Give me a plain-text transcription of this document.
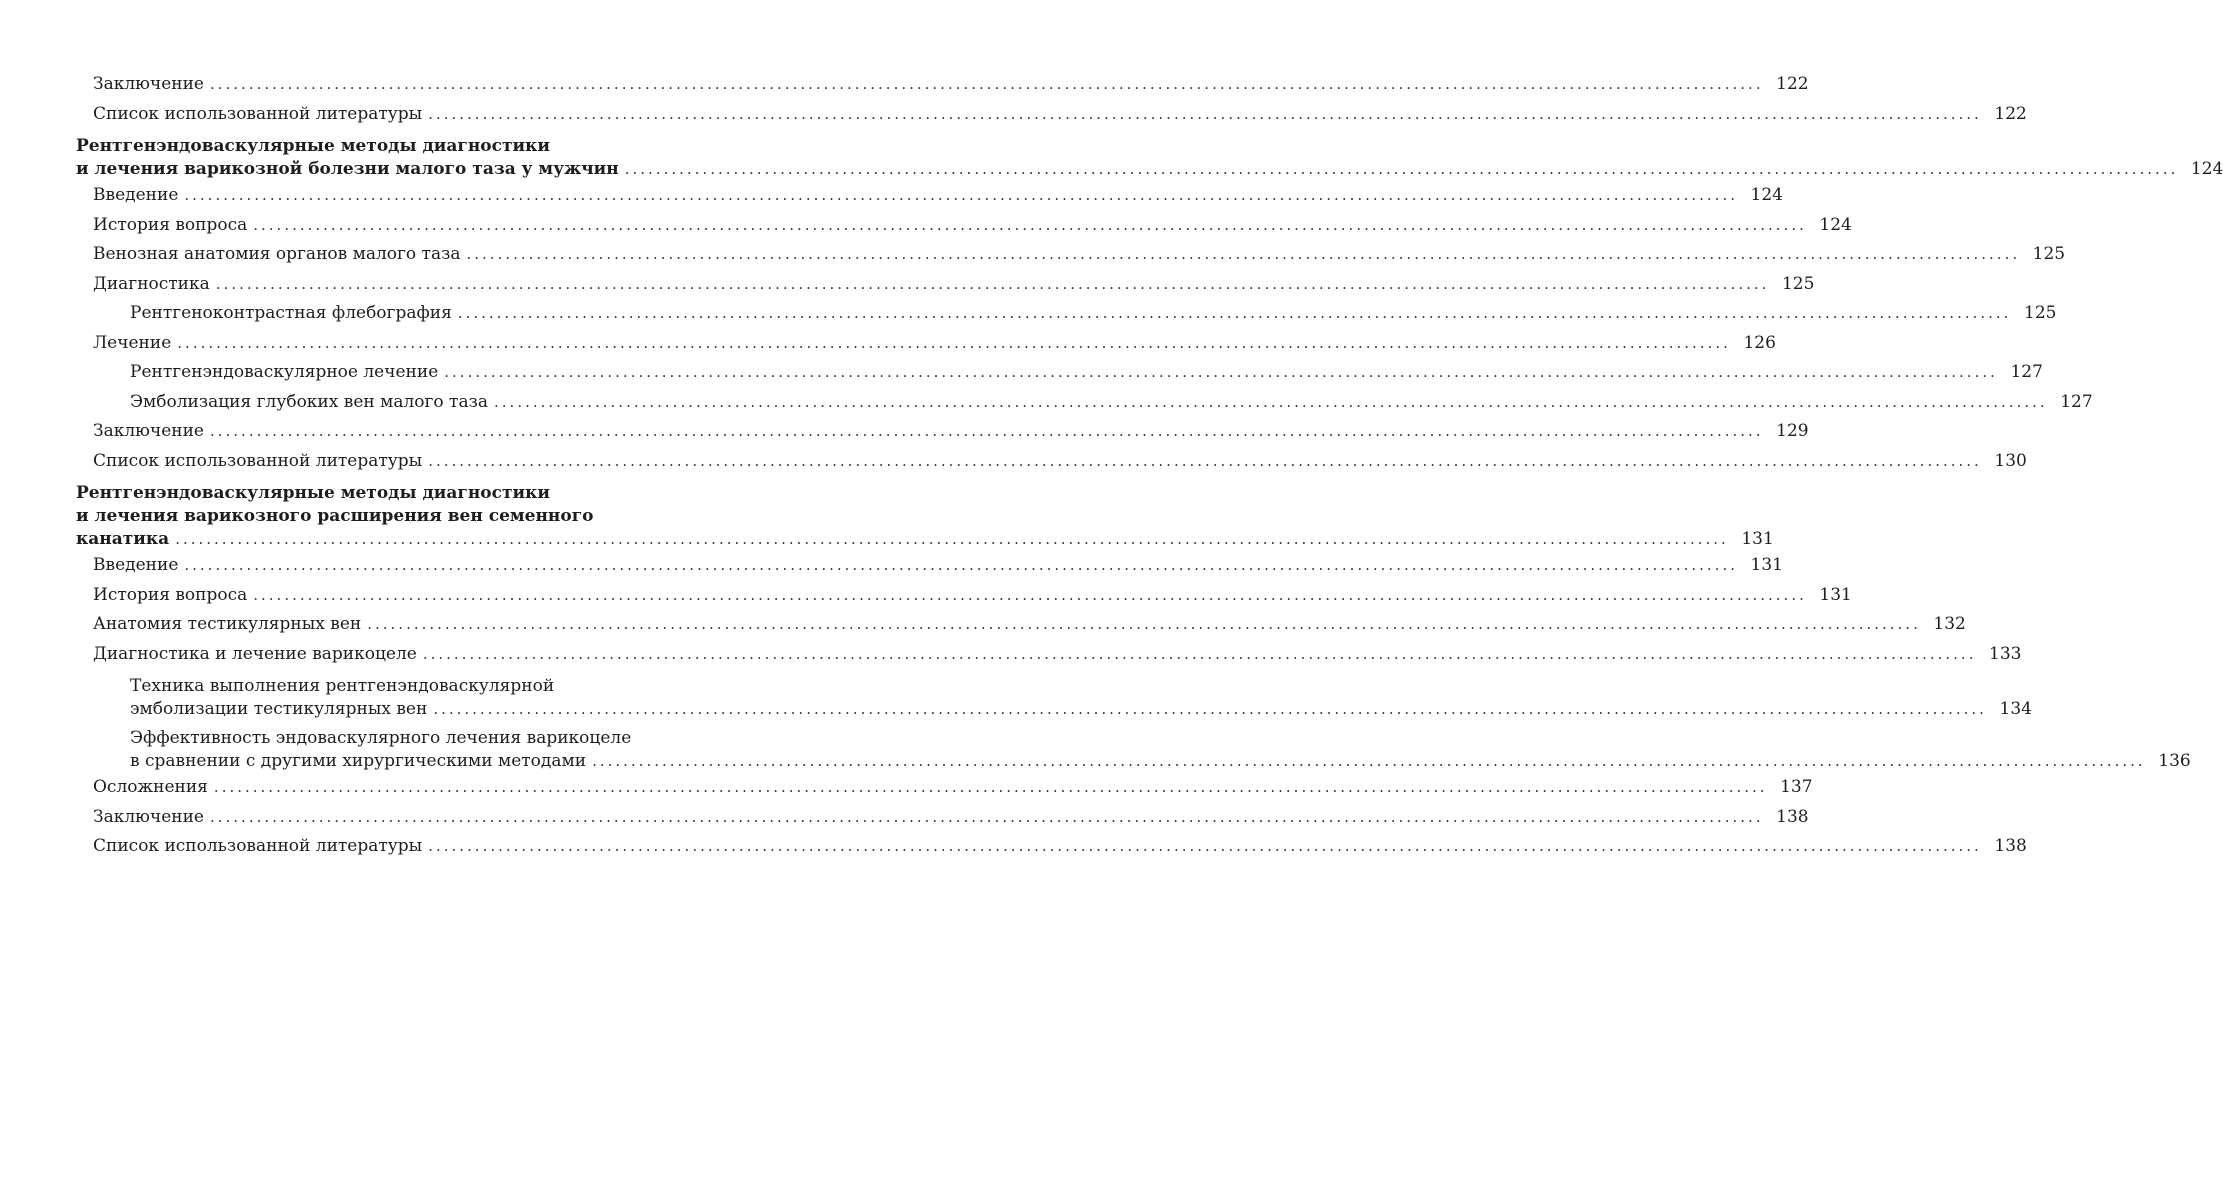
Заключение ........................................................................................................................................................................................................ 122
Список использованной литературы ........................................................................................................................................................................................................ 122
Рентгенэндоваскулярные методы диагностики
и лечения варикозной болезни малого таза у мужчин ........................................................................................................................................................................................................ 124
Введение ........................................................................................................................................................................................................ 124
История вопроса ........................................................................................................................................................................................................ 124
Венозная анатомия органов малого таза ........................................................................................................................................................................................................ 125
Диагностика ........................................................................................................................................................................................................ 125
Рентгеноконтрастная флебография ........................................................................................................................................................................................................ 125
Лечение ........................................................................................................................................................................................................ 126
Рентгенэндоваскулярное лечение ........................................................................................................................................................................................................ 127
Эмболизация глубоких вен малого таза ........................................................................................................................................................................................................ 127
Заключение ........................................................................................................................................................................................................ 129
Список использованной литературы ........................................................................................................................................................................................................ 130
Рентгенэндоваскулярные методы диагностики
и лечения варикозного расширения вен семенного
канатика ........................................................................................................................................................................................................ 131
Введение ........................................................................................................................................................................................................ 131
История вопроса ........................................................................................................................................................................................................ 131
Анатомия тестикулярных вен ........................................................................................................................................................................................................ 132
Диагностика и лечение варикоцеле ........................................................................................................................................................................................................ 133
Техника выполнения рентгенэндоваскулярной
эмболизации тестикулярных вен ........................................................................................................................................................................................................ 134
Эффективность эндоваскулярного лечения варикоцеле
в сравнении с другими хирургическими методами ........................................................................................................................................................................................................ 136
Осложнения ........................................................................................................................................................................................................ 137
Заключение ........................................................................................................................................................................................................ 138
Список использованной литературы ........................................................................................................................................................................................................ 138
